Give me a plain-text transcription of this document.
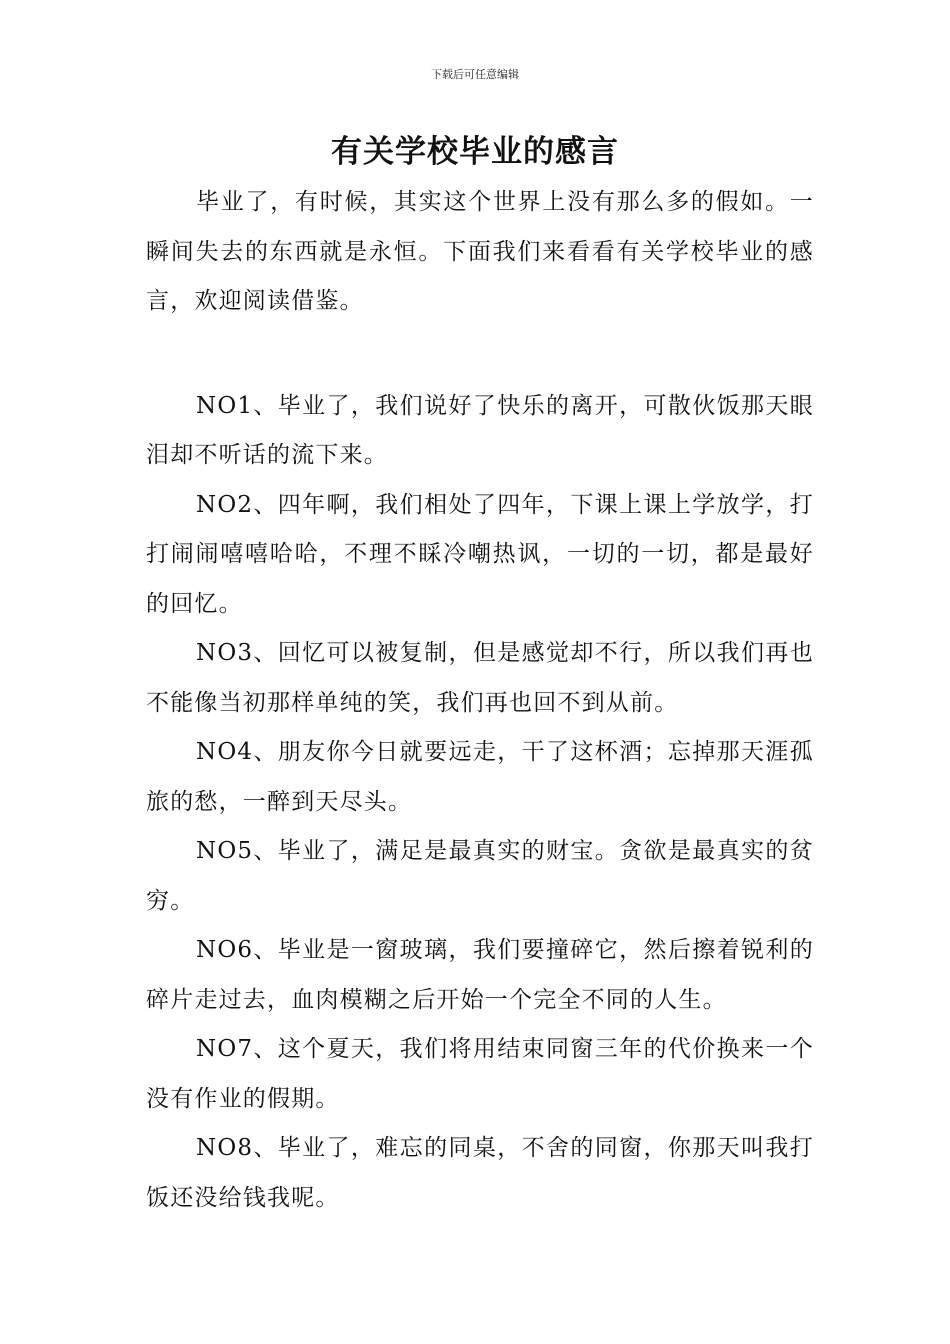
下载后可任意编辑
有关学校毕业的感言

毕业了，有时候，其实这个世界上没有那么多的假如。一瞬间失去的东西就是永恒。下面我们来看看有关学校毕业的感言，欢迎阅读借鉴。

NO1、毕业了，我们说好了快乐的离开，可散伙饭那天眼泪却不听话的流下来。

NO2、四年啊，我们相处了四年，下课上课上学放学，打打闹闹嘻嘻哈哈，不理不睬冷嘲热讽，一切的一切，都是最好的回忆。

NO3、回忆可以被复制，但是感觉却不行，所以我们再也不能像当初那样单纯的笑，我们再也回不到从前。

NO4、朋友你今日就要远走，干了这杯酒；忘掉那天涯孤旅的愁，一醉到天尽头。

NO5、毕业了，满足是最真实的财宝。贪欲是最真实的贫穷。

NO6、毕业是一窗玻璃，我们要撞碎它，然后擦着锐利的碎片走过去，血肉模糊之后开始一个完全不同的人生。

NO7、这个夏天，我们将用结束同窗三年的代价换来一个没有作业的假期。

NO8、毕业了，难忘的同桌，不舍的同窗，你那天叫我打饭还没给钱我呢。
